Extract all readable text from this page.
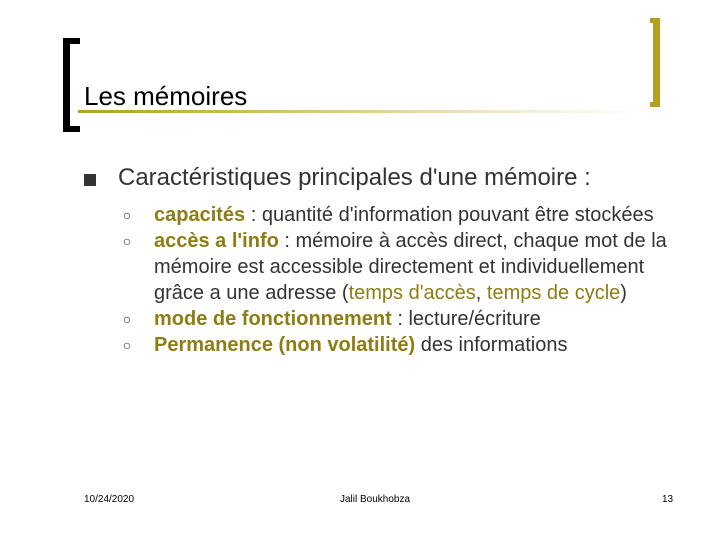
Les mémoires
Caractéristiques principales d'une mémoire :

○ capacités : quantité d'information pouvant être stockées

○ accès a l'info : mémoire à accès direct, chaque mot de la mémoire est accessible directement et individuellement grâce a une adresse (temps d'accès, temps de cycle)

○ mode de fonctionnement : lecture/écriture

○ Permanence (non volatilité) des informations

10/24/2020	Jalil Boukhobza	13
